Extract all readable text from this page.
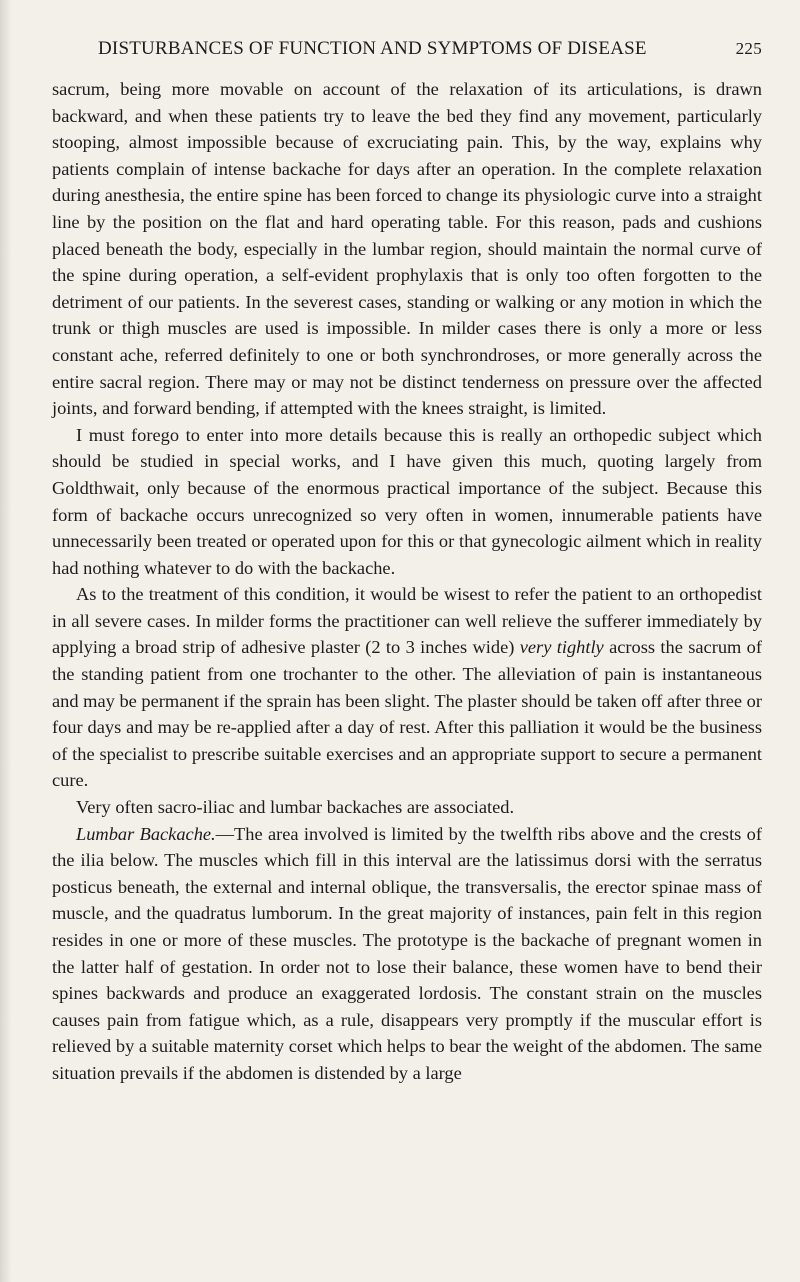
DISTURBANCES OF FUNCTION AND SYMPTOMS OF DISEASE	225

sacrum, being more movable on account of the relaxation of its articulations, is drawn backward, and when these patients try to leave the bed they find any movement, particularly stooping, almost impossible because of excruciating pain. This, by the way, explains why patients complain of intense backache for days after an operation. In the complete relaxation during anesthesia, the entire spine has been forced to change its physiologic curve into a straight line by the position on the flat and hard operating table. For this reason, pads and cushions placed beneath the body, especially in the lumbar region, should maintain the normal curve of the spine during operation, a self-evident prophylaxis that is only too often forgotten to the detriment of our patients. In the severest cases, standing or walking or any motion in which the trunk or thigh muscles are used is impossible. In milder cases there is only a more or less constant ache, referred definitely to one or both synchrondroses, or more generally across the entire sacral region. There may or may not be distinct tenderness on pressure over the affected joints, and forward bending, if attempted with the knees straight, is limited.

I must forego to enter into more details because this is really an orthopedic subject which should be studied in special works, and I have given this much, quoting largely from Goldthwait, only because of the enormous practical importance of the subject. Because this form of backache occurs unrecognized so very often in women, innumerable patients have unnecessarily been treated or operated upon for this or that gynecologic ailment which in reality had nothing whatever to do with the backache.

As to the treatment of this condition, it would be wisest to refer the patient to an orthopedist in all severe cases. In milder forms the practitioner can well relieve the sufferer immediately by applying a broad strip of adhesive plaster (2 to 3 inches wide) very tightly across the sacrum of the standing patient from one trochanter to the other. The alleviation of pain is instantaneous and may be permanent if the sprain has been slight. The plaster should be taken off after three or four days and may be re-applied after a day of rest. After this palliation it would be the business of the specialist to prescribe suitable exercises and an appropriate support to secure a permanent cure.

Very often sacro-iliac and lumbar backaches are associated.

Lumbar Backache.—The area involved is limited by the twelfth ribs above and the crests of the ilia below. The muscles which fill in this interval are the latissimus dorsi with the serratus posticus beneath, the external and internal oblique, the transversalis, the erector spinae mass of muscle, and the quadratus lumborum. In the great majority of instances, pain felt in this region resides in one or more of these muscles. The prototype is the backache of pregnant women in the latter half of gestation. In order not to lose their balance, these women have to bend their spines backwards and produce an exaggerated lordosis. The constant strain on the muscles causes pain from fatigue which, as a rule, disappears very promptly if the muscular effort is relieved by a suitable maternity corset which helps to bear the weight of the abdomen. The same situation prevails if the abdomen is distended by a large
